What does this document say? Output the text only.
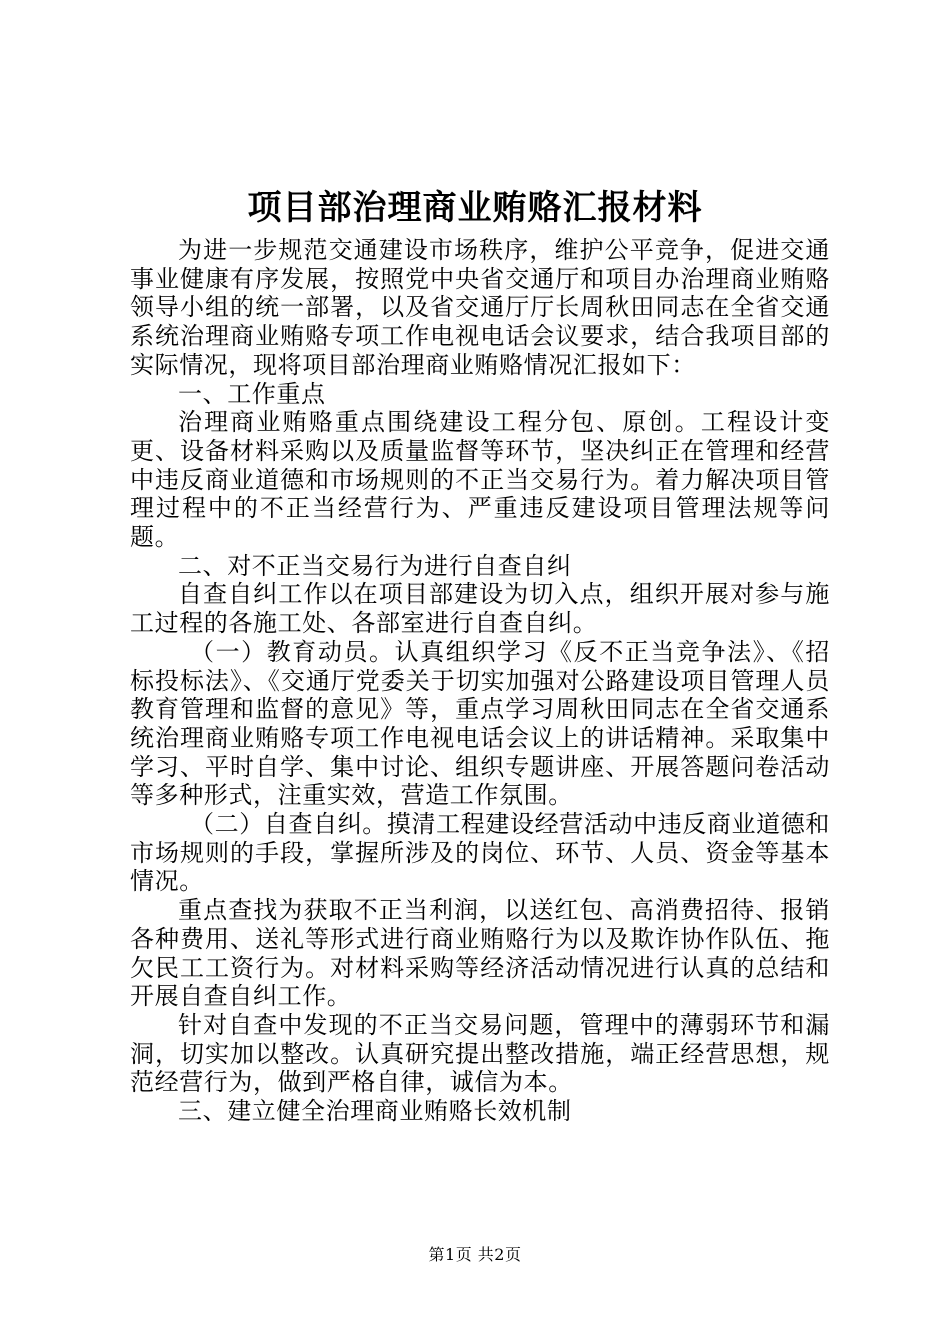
项目部治理商业贿赂汇报材料

为进一步规范交通建设市场秩序，维护公平竞争，促进交通事业健康有序发展，按照党中央省交通厅和项目办治理商业贿赂领导小组的统一部署，以及省交通厅厅长周秋田同志在全省交通系统治理商业贿赂专项工作电视电话会议要求，结合我项目部的实际情况，现将项目部治理商业贿赂情况汇报如下：

一、工作重点

治理商业贿赂重点围绕建设工程分包、原创。工程设计变更、设备材料采购以及质量监督等环节，坚决纠正在管理和经营中违反商业道德和市场规则的不正当交易行为。着力解决项目管理过程中的不正当经营行为、严重违反建设项目管理法规等问题。

二、对不正当交易行为进行自查自纠

自查自纠工作以在项目部建设为切入点，组织开展对参与施工过程的各施工处、各部室进行自查自纠。

（一）教育动员。认真组织学习《反不正当竞争法》、《招标投标法》、《交通厅党委关于切实加强对公路建设项目管理人员教育管理和监督的意见》等，重点学习周秋田同志在全省交通系统治理商业贿赂专项工作电视电话会议上的讲话精神。采取集中学习、平时自学、集中讨论、组织专题讲座、开展答题问卷活动等多种形式，注重实效，营造工作氛围。

（二）自查自纠。摸清工程建设经营活动中违反商业道德和市场规则的手段，掌握所涉及的岗位、环节、人员、资金等基本情况。

重点查找为获取不正当利润，以送红包、高消费招待、报销各种费用、送礼等形式进行商业贿赂行为以及欺诈协作队伍、拖欠民工工资行为。对材料采购等经济活动情况进行认真的总结和开展自查自纠工作。

针对自查中发现的不正当交易问题，管理中的薄弱环节和漏洞，切实加以整改。认真研究提出整改措施，端正经营思想，规范经营行为，做到严格自律，诚信为本。

三、建立健全治理商业贿赂长效机制

第1页 共2页
